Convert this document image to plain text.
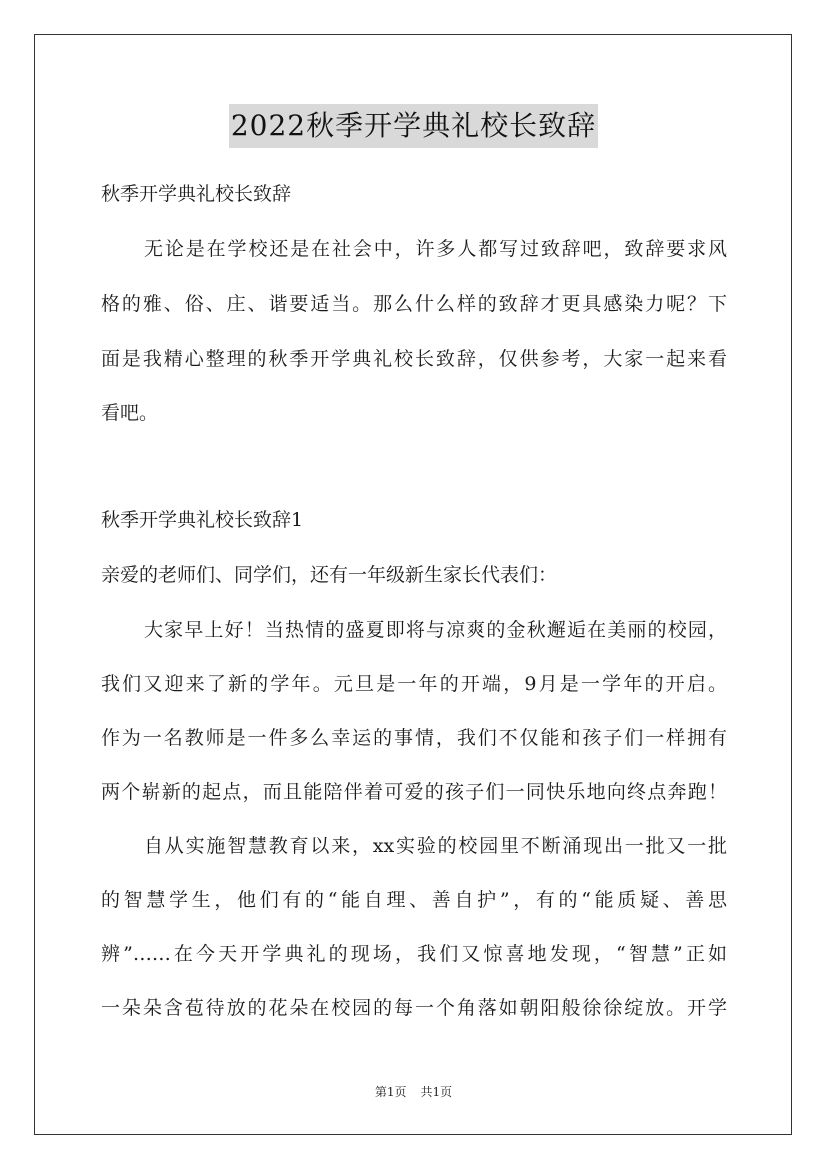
2022秋季开学典礼校长致辞
秋季开学典礼校长致辞
无论是在学校还是在社会中，许多人都写过致辞吧，致辞要求风
格的雅、俗、庄、谐要适当。那么什么样的致辞才更具感染力呢？下
面是我精心整理的秋季开学典礼校长致辞，仅供参考，大家一起来看
看吧。
秋季开学典礼校长致辞1
亲爱的老师们、同学们，还有一年级新生家长代表们：
大家早上好！当热情的盛夏即将与凉爽的金秋邂逅在美丽的校园，
我们又迎来了新的学年。元旦是一年的开端，9月是一学年的开启。
作为一名教师是一件多么幸运的事情，我们不仅能和孩子们一样拥有
两个崭新的起点，而且能陪伴着可爱的孩子们一同快乐地向终点奔跑！
自从实施智慧教育以来，xx实验的校园里不断涌现出一批又一批
的智慧学生，他们有的“能自理、善自护”，有的“能质疑、善思
辨”……在今天开学典礼的现场，我们又惊喜地发现，“智慧”正如
一朵朵含苞待放的花朵在校园的每一个角落如朝阳般徐徐绽放。开学
第1页 共1页
